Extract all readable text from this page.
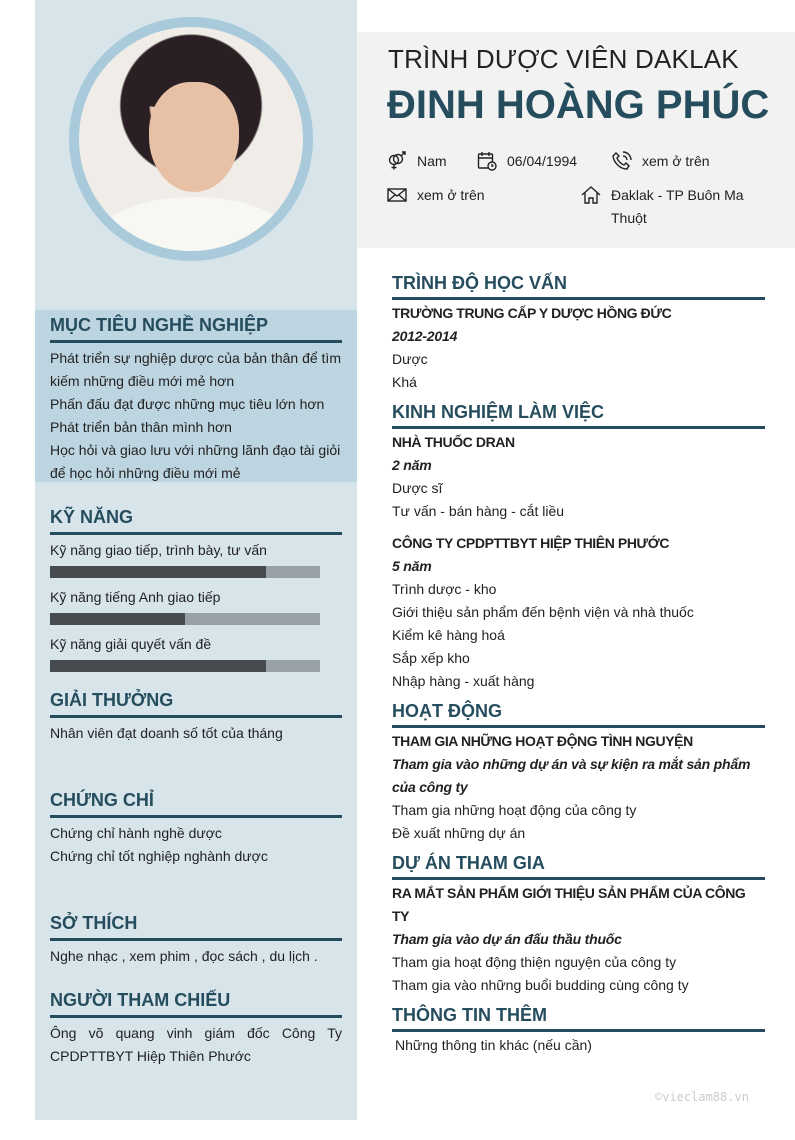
MỤC TIÊU NGHỀ NGHIỆP
Phát triển sự nghiệp dược của bản thân để tìm kiếm những điều mới mẻ hơn
Phấn đấu đạt được những mục tiêu lớn hơn
Phát triển bản thân mình hơn
Học hỏi và giao lưu với những lãnh đạo tài giỏi để học hỏi những điều mới mẻ
KỸ NĂNG
Kỹ năng giao tiếp, trình bày, tư vấn
Kỹ năng tiếng Anh giao tiếp
Kỹ năng giải quyết vấn đề
GIẢI THƯỞNG
Nhân viên đạt doanh số tốt của tháng
CHỨNG CHỈ
Chứng chỉ hành nghề dược
Chứng chỉ tốt nghiệp nghành dược
SỞ THÍCH
Nghe nhạc , xem phim , đọc sách , du lịch .
NGƯỜI THAM CHIẾU
Ông võ quang vinh giám đốc Công Ty CPDPTTBYT Hiệp Thiên Phước
TRÌNH DƯỢC VIÊN DAKLAK
ĐINH HOÀNG PHÚC
Nam	06/04/1994	xem ở trên
xem ở trên	Đaklak - TP Buôn Ma Thuột
TRÌNH ĐỘ HỌC VẤN
TRƯỜNG TRUNG CẤP Y DƯỢC HỒNG ĐỨC
2012-2014
Dược
Khá
KINH NGHIỆM LÀM VIỆC
NHÀ THUỐC DRAN
2 năm
Dược sĩ
Tư vấn - bán hàng - cắt liều
CÔNG TY CPDPTTBYT HIỆP THIÊN PHƯỚC
5 năm
Trình dược - kho
Giới thiệu sản phẩm đến bệnh viện và nhà thuốc
Kiểm kê hàng hoá
Sắp xếp kho
Nhập hàng - xuất hàng
HOẠT ĐỘNG
THAM GIA NHỮNG HOẠT ĐỘNG TÌNH NGUYỆN
Tham gia vào những dự án và sự kiện ra mắt sản phẩm của công ty
Tham gia những hoạt động của công ty
Đề xuất những dự án
DỰ ÁN THAM GIA
RA MẮT SẢN PHẨM GIỚI THIỆU SẢN PHẨM CỦA CÔNG TY
Tham gia vào dự án đấu thầu thuốc
Tham gia hoạt động thiện nguyện của công ty
Tham gia vào những buổi budding cùng công ty
THÔNG TIN THÊM
Những thông tin khác (nếu cần)
©vieclam88.vn
